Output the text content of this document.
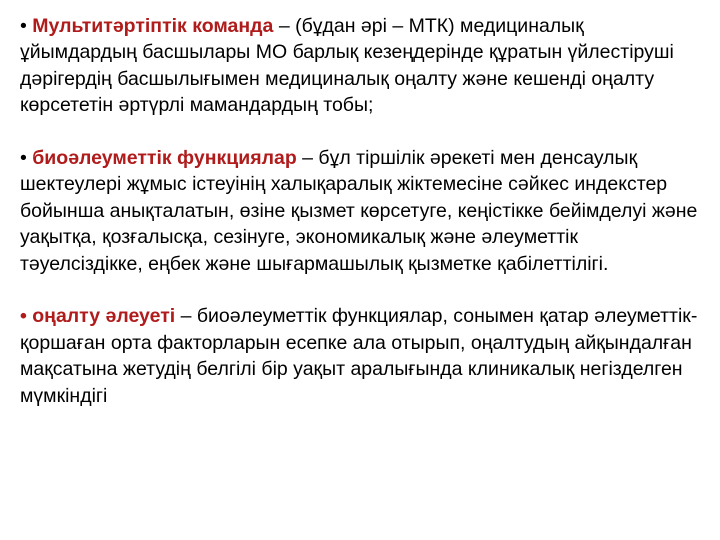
• Мультитәртіптік команда – (бұдан әрі – МТК) медициналық ұйымдардың басшылары МО барлық кезеңдерінде құратын үйлестіруші дәрігердің басшылығымен медициналық оңалту және кешенді оңалту көрсететін әртүрлі мамандардың тобы;

• биоәлеуметтік функциялар – бұл тіршілік әрекеті мен денсаулық шектеулері жұмыс істеуінің халықаралық жіктемесіне сәйкес индекстер бойынша анықталатын, өзіне қызмет көрсетуге, кеңістікке бейімделуі және уақытқа, қозғалысқа, сезінуге, экономикалық және әлеуметтік тәуелсіздікке, еңбек және шығармашылық қызметке қабілеттілігі.

• оңалту әлеуеті – биоәлеуметтік функциялар, сонымен қатар әлеуметтік-қоршаған орта факторларын есепке ала отырып, оңалтудың айқындалған мақсатына жетудің белгілі бір уақыт аралығында клиникалық негізделген мүмкіндігі
